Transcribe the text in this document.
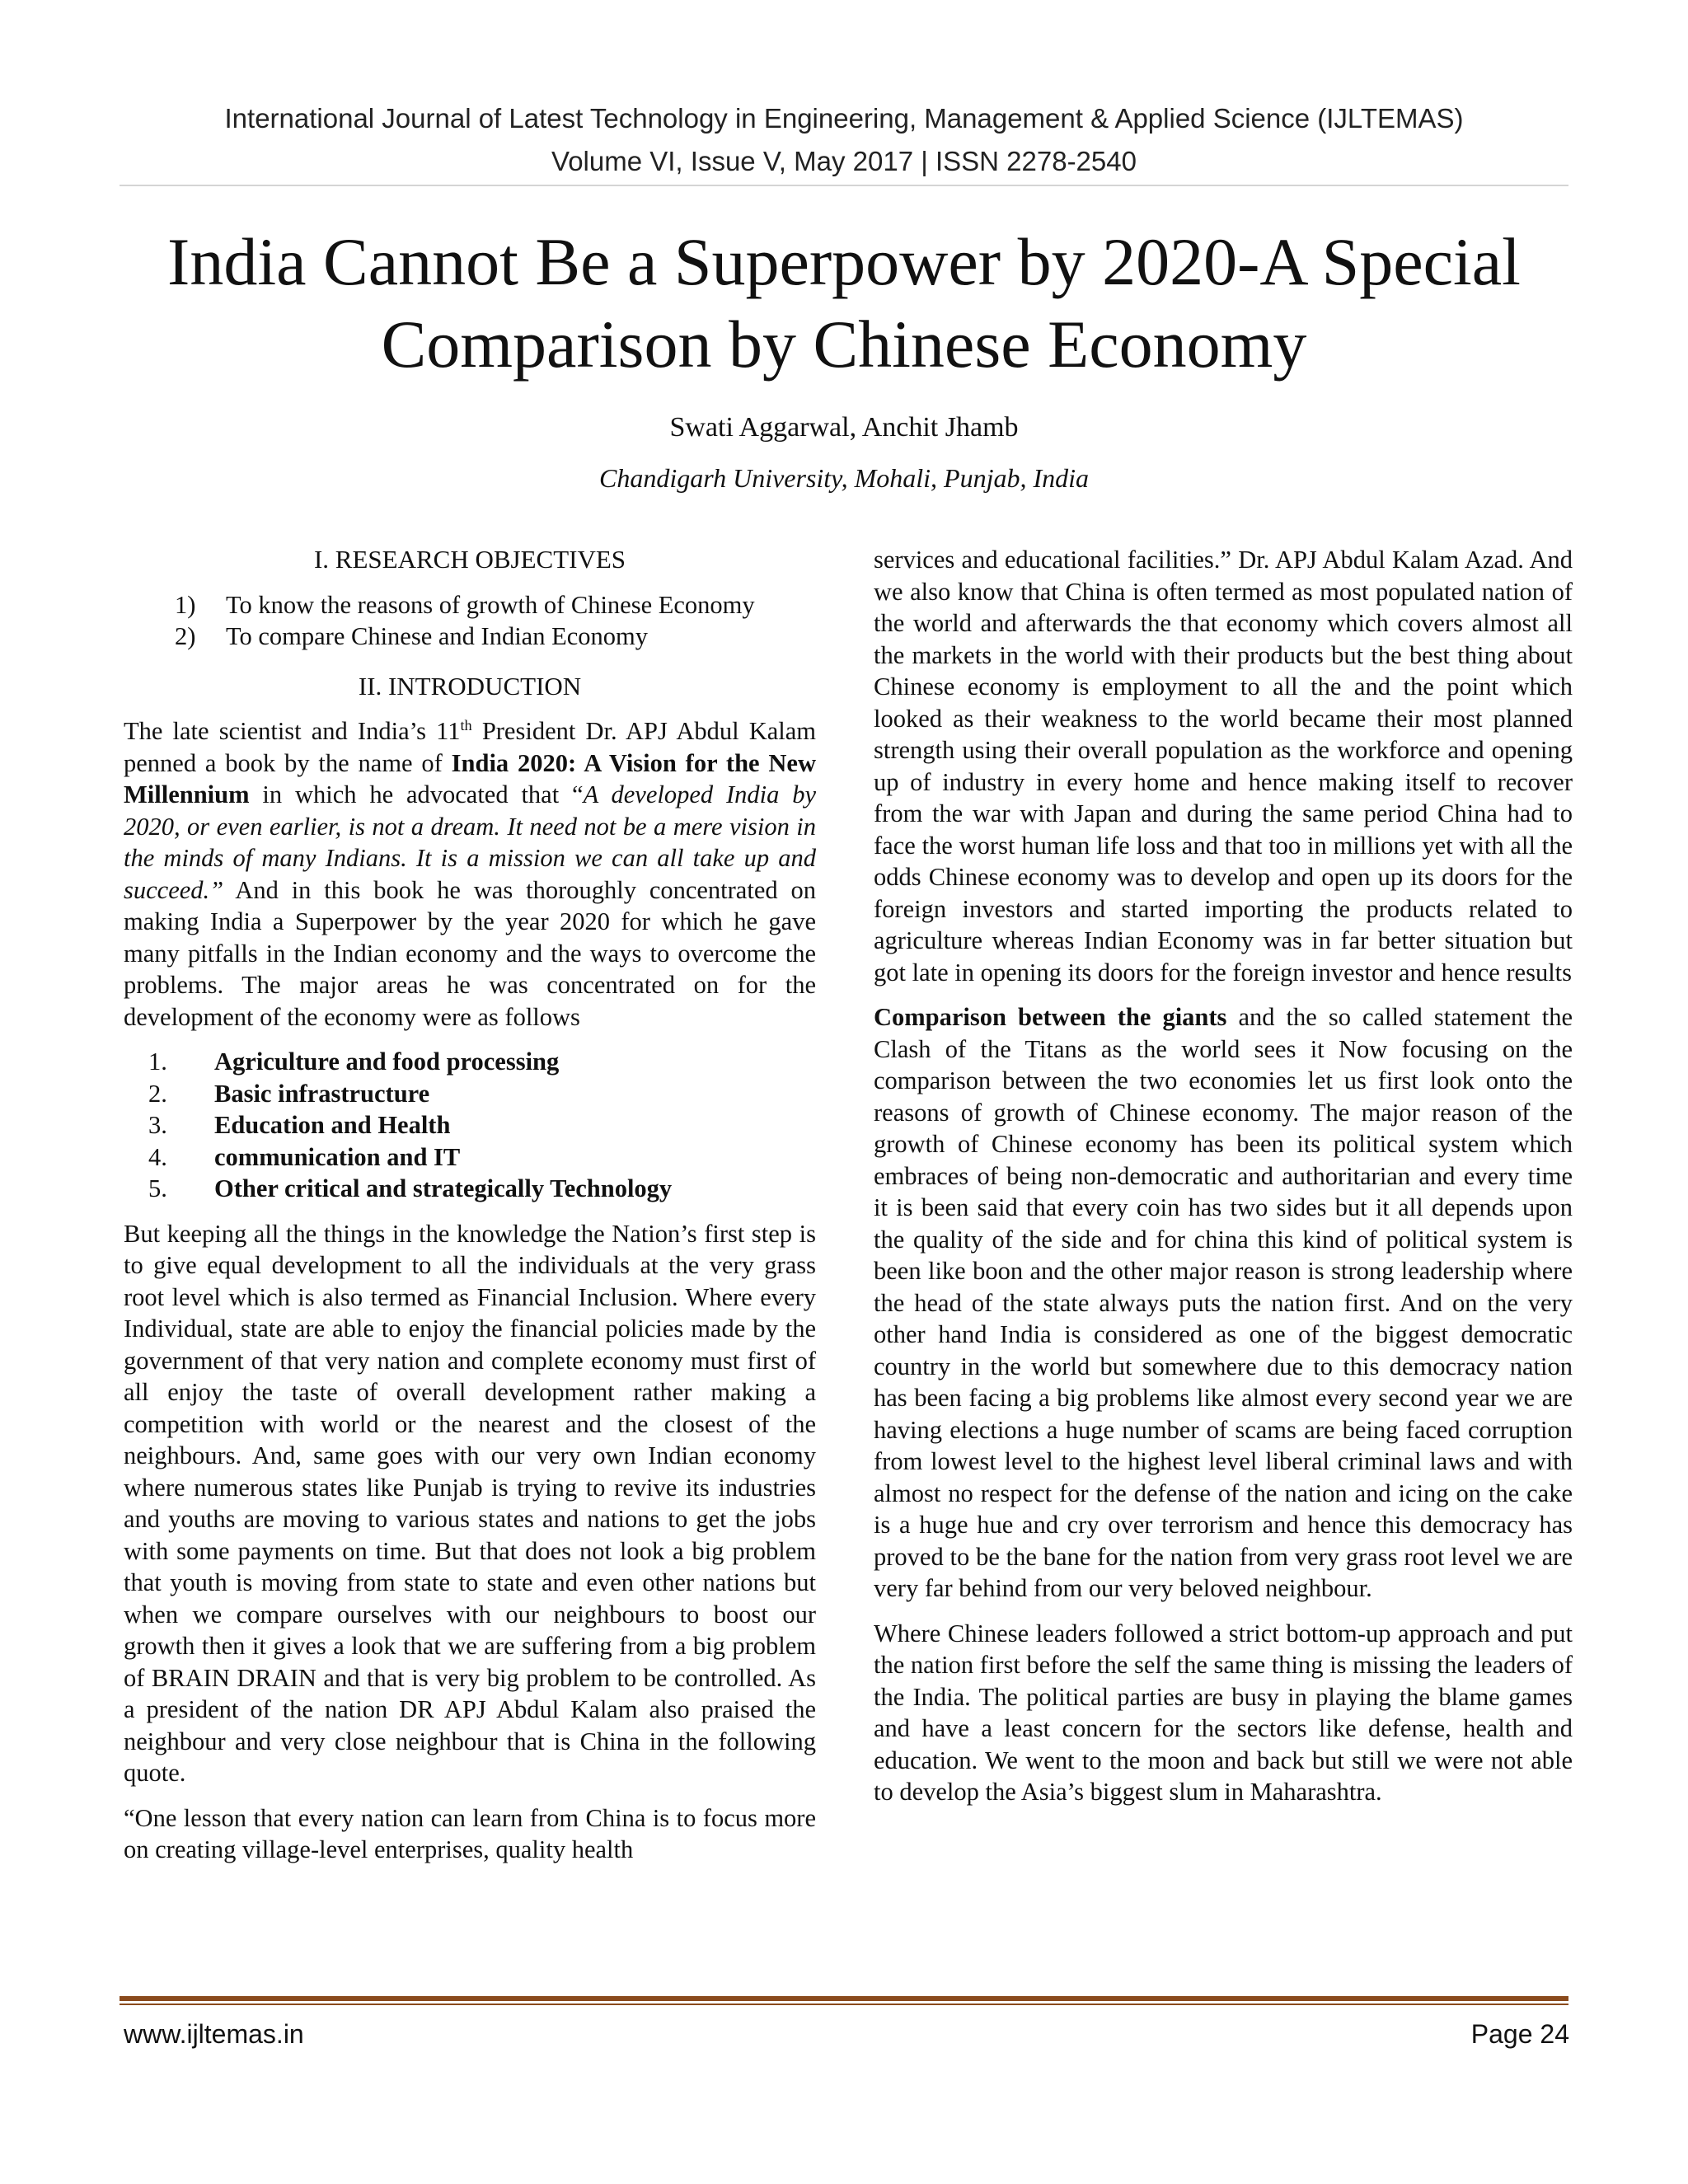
International Journal of Latest Technology in Engineering, Management & Applied Science (IJLTEMAS)
Volume VI, Issue V, May 2017 | ISSN 2278-2540
India Cannot Be a Superpower by 2020-A Special
Comparison by Chinese Economy
Swati Aggarwal, Anchit Jhamb
Chandigarh University, Mohali, Punjab, India
I. RESEARCH OBJECTIVES
1)	To know the reasons of growth of Chinese Economy
2)	To compare Chinese and Indian Economy
II. INTRODUCTION

The late scientist and India’s 11th President Dr. APJ Abdul Kalam penned a book by the name of India 2020: A Vision for the New Millennium in which he advocated that “A developed India by 2020, or even earlier, is not a dream. It need not be a mere vision in the minds of many Indians. It is a mission we can all take up and succeed.” And in this book he was thoroughly concentrated on making India a Superpower by the year 2020 for which he gave many pitfalls in the Indian economy and the ways to overcome the problems. The major areas he was concentrated on for the development of the economy were as follows

1.	Agriculture and food processing
2.	Basic infrastructure
3.	Education and Health
4.	communication and IT
5.	Other critical and strategically Technology

But keeping all the things in the knowledge the Nation’s first step is to give equal development to all the individuals at the very grass root level which is also termed as Financial Inclusion. Where every Individual, state are able to enjoy the financial policies made by the government of that very nation and complete economy must first of all enjoy the taste of overall development rather making a competition with world or the nearest and the closest of the neighbours. And, same goes with our very own Indian economy where numerous states like Punjab is trying to revive its industries and youths are moving to various states and nations to get the jobs with some payments on time. But that does not look a big problem that youth is moving from state to state and even other nations but when we compare ourselves with our neighbours to boost our growth then it gives a look that we are suffering from a big problem of BRAIN DRAIN and that is very big problem to be controlled. As a president of the nation DR APJ Abdul Kalam also praised the neighbour and very close neighbour that is China in the following quote.

“One lesson that every nation can learn from China is to focus more on creating village-level enterprises, quality health

services and educational facilities.” Dr. APJ Abdul Kalam Azad. And we also know that China is often termed as most populated nation of the world and afterwards the that economy which covers almost all the markets in the world with their products but the best thing about Chinese economy is employment to all the and the point which looked as their weakness to the world became their most planned strength using their overall population as the workforce and opening up of industry in every home and hence making itself to recover from the war with Japan and during the same period China had to face the worst human life loss and that too in millions yet with all the odds Chinese economy was to develop and open up its doors for the foreign investors and started importing the products related to agriculture whereas Indian Economy was in far better situation but got late in opening its doors for the foreign investor and hence results

Comparison between the giants and the so called statement the Clash of the Titans as the world sees it Now focusing on the comparison between the two economies let us first look onto the reasons of growth of Chinese economy. The major reason of the growth of Chinese economy has been its political system which embraces of being non-democratic and authoritarian and every time it is been said that every coin has two sides but it all depends upon the quality of the side and for china this kind of political system is been like boon and the other major reason is strong leadership where the head of the state always puts the nation first. And on the very other hand India is considered as one of the biggest democratic country in the world but somewhere due to this democracy nation has been facing a big problems like almost every second year we are having elections a huge number of scams are being faced corruption from lowest level to the highest level liberal criminal laws and with almost no respect for the defense of the nation and icing on the cake is a huge hue and cry over terrorism and hence this democracy has proved to be the bane for the nation from very grass root level we are very far behind from our very beloved neighbour.

Where Chinese leaders followed a strict bottom-up approach and put the nation first before the self the same thing is missing the leaders of the India. The political parties are busy in playing the blame games and have a least concern for the sectors like defense, health and education. We went to the moon and back but still we were not able to develop the Asia’s biggest slum in Maharashtra.

www.ijltemas.in	Page 24
